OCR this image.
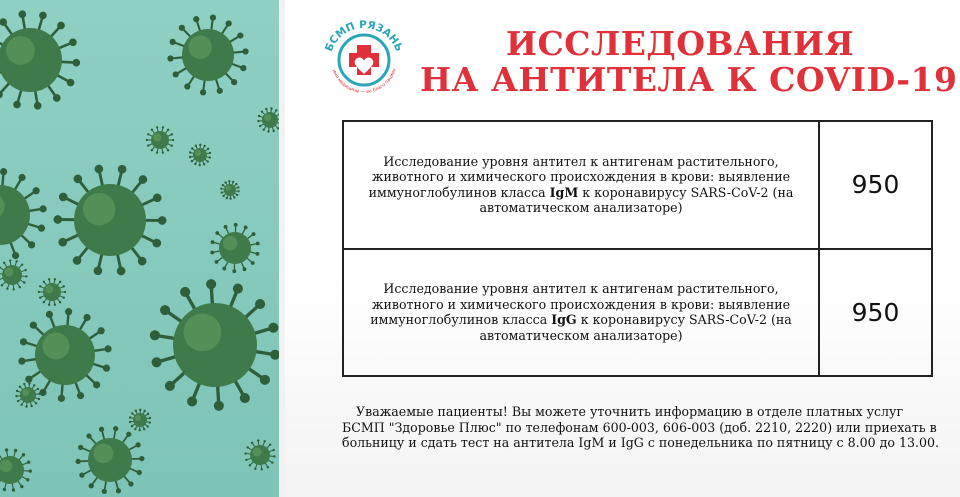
БСМП РЯЗАНЬ
имя медицины — во благо пациен
ИССЛЕДОВАНИЯ
НА АНТИТЕЛА К COVID-19
Исследование уровня антител к антигенам растительного, животного и химического происхождения в крови: выявление иммуноглобулинов класса IgM к коронавирусу SARS-CoV-2 (на автоматическом анализаторе)	950
Исследование уровня антител к антигенам растительного, животного и химического происхождения в крови: выявление иммуноглобулинов класса IgG к коронавирусу SARS-CoV-2 (на автоматическом анализаторе)	950
Уважаемые пациенты! Вы можете уточнить информацию в отделе платных услуг БСМП "Здоровье Плюс" по телефонам 600-003, 606-003 (доб. 2210, 2220) или приехать в больницу и сдать тест на антитела IgM и IgG с понедельника по пятницу с 8.00 до 13.00.
